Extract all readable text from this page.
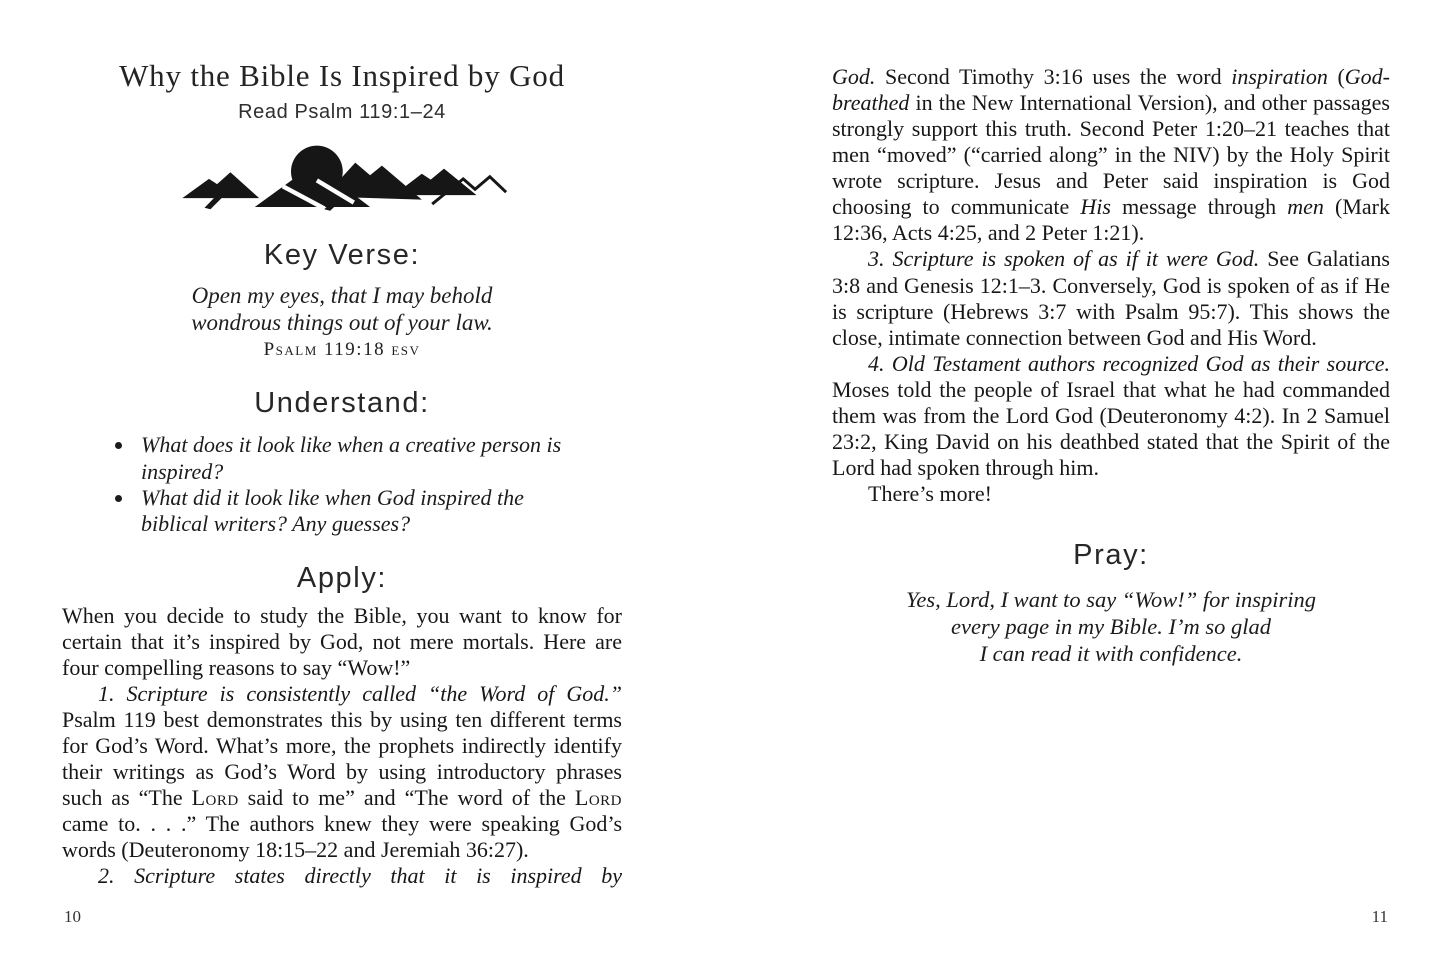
Why the Bible Is Inspired by God
Read Psalm 119:1–24
Key Verse:
Open my eyes, that I may behold
wondrous things out of your law.
Psalm 119:18 esv
Understand:
• What does it look like when a creative person is inspired?
• What did it look like when God inspired the biblical writers? Any guesses?
Apply:

When you decide to study the Bible, you want to know for certain that it’s inspired by God, not mere mortals. Here are four compelling reasons to say “Wow!”

1. Scripture is consistently called “the Word of God.” Psalm 119 best demonstrates this by using ten different terms for God’s Word. What’s more, the prophets indirectly identify their writings as God’s Word by using introductory phrases such as “The Lord said to me” and “The word of the Lord came to. . . .” The authors knew they were speaking God’s words (Deuteronomy 18:15–22 and Jeremiah 36:27).

2. Scripture states directly that it is inspired by

10

God. Second Timothy 3:16 uses the word inspiration (God-breathed in the New International Version), and other passages strongly support this truth. Second Peter 1:20–21 teaches that men “moved” (“carried along” in the NIV) by the Holy Spirit wrote scripture. Jesus and Peter said inspiration is God choosing to communicate His message through men (Mark 12:36, Acts 4:25, and 2 Peter 1:21).

3. Scripture is spoken of as if it were God. See Galatians 3:8 and Genesis 12:1–3. Conversely, God is spoken of as if He is scripture (Hebrews 3:7 with Psalm 95:7). This shows the close, intimate connection between God and His Word.

4. Old Testament authors recognized God as their source. Moses told the people of Israel that what he had commanded them was from the Lord God (Deuteronomy 4:2). In 2 Samuel 23:2, King David on his deathbed stated that the Spirit of the Lord had spoken through him.

There’s more!

Pray:
Yes, Lord, I want to say “Wow!” for inspiring
every page in my Bible. I’m so glad
I can read it with confidence.
11
